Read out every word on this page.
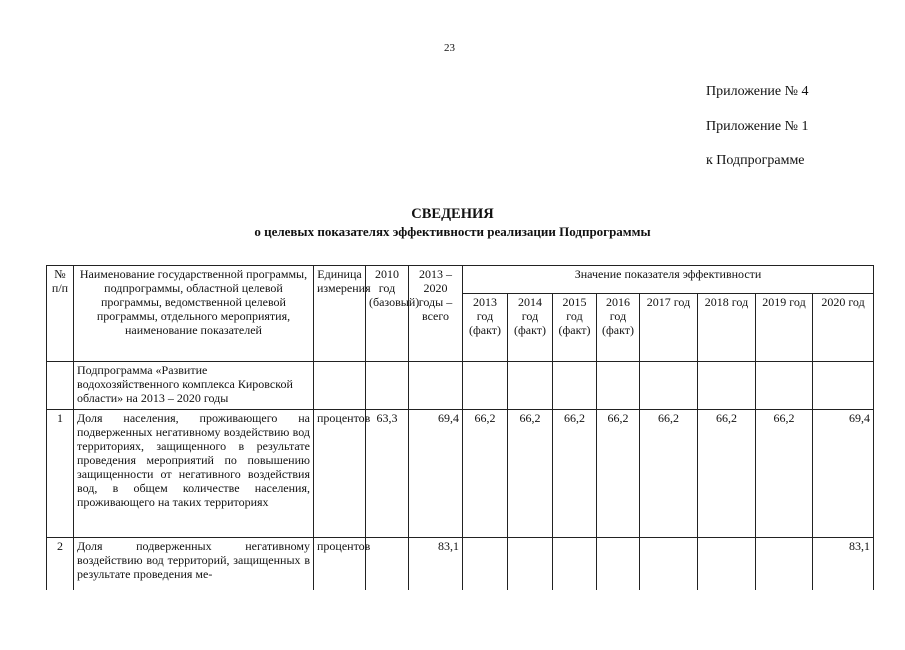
23
Приложение № 4
Приложение № 1
к Подпрограмме
СВЕДЕНИЯ
о целевых показателях эффективности реализации Подпрограммы
№ п/п	Наименование государственной программы, подпрограммы, областной целевой программы, ведомственной целевой программы, отдельного мероприятия, наименование показателей	Единица измерения	2010 год (базовый)	2013 – 2020 годы – всего	Значение показателя эффективности							
					2013 год (факт)	2014 год (факт)	2015 год (факт)	2016 год (факт)	2017 год	2018 год	2019 год	2020 год
	Подпрограмма «Развитие водохозяйственного комплекса Кировской области» на 2013 – 2020 годы											
1	Доля населения, проживающего на подверженных негативному воздействию вод территориях, защищенного в результате проведения мероприятий по повышению защищенности от негативного воздействия вод, в общем количестве населения, проживающего на таких территориях	процентов	63,3	69,4	66,2	66,2	66,2	66,2	66,2	66,2	66,2	69,4
2	Доля подверженных негативному воздействию вод территорий, защищенных в результате проведения ме-	процентов		83,1								83,1
